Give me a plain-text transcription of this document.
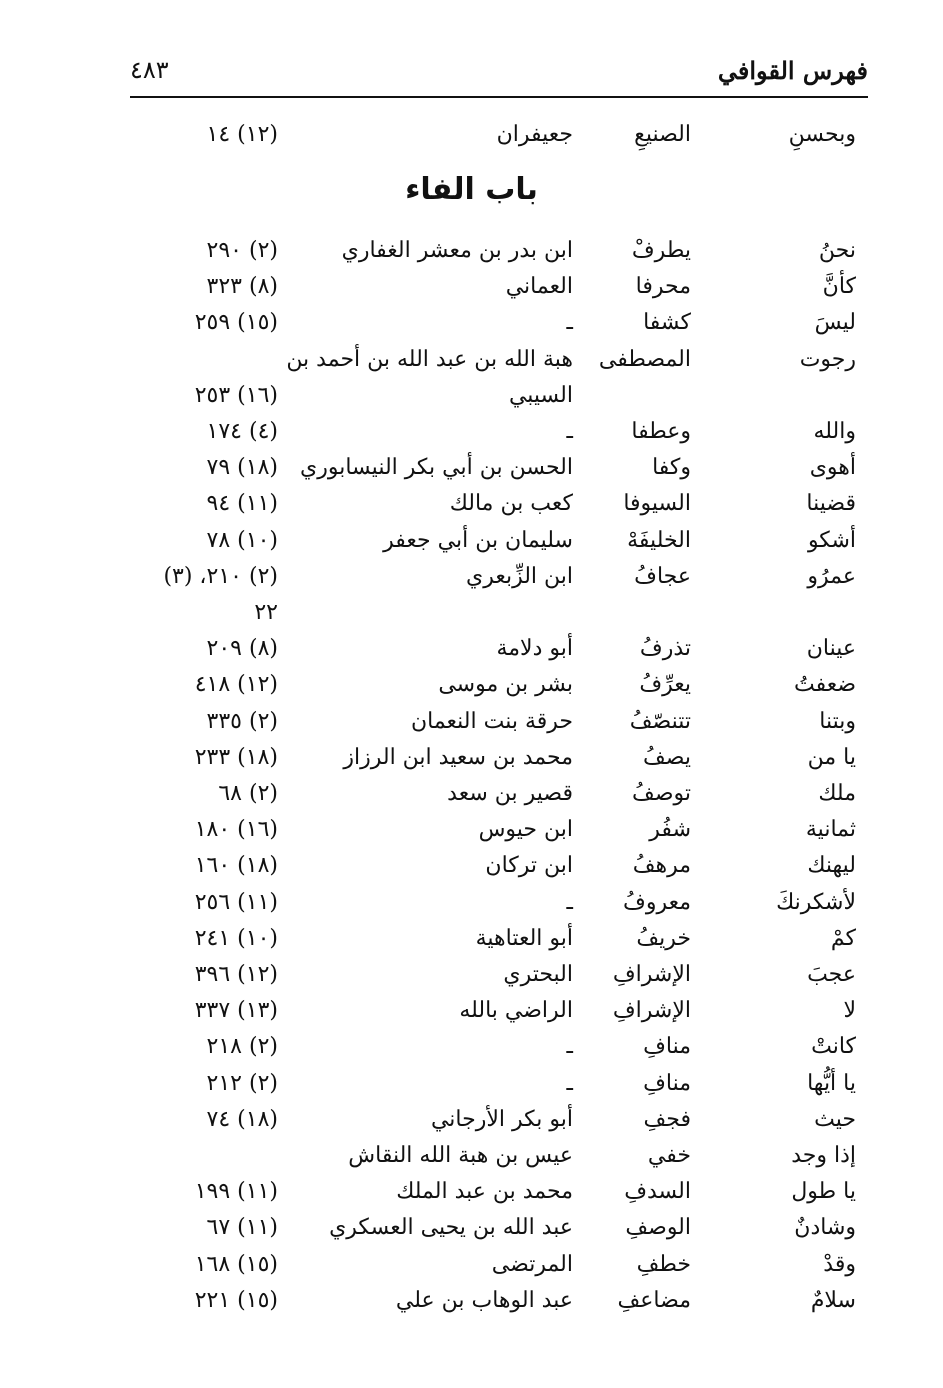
فهرس القوافي
٤٨٣
وبحسنِ
الصنيعِ
جعيفران
(١٢) ١٤
باب الفاء
نحنُ
يطرفْ
ابن بدر بن معشر الغفاري
(٢) ٢٩٠
كأنَّ
محرفا
العماني
(٨) ٣٢٣
ليسَ
كشفا
ـ
(١٥) ٢٥٩
رجوت
المصطفى
هبة الله بن عبد الله بن أحمد بن
السيبي
(١٦) ٢٥٣
والله
وعطفا
ـ
(٤) ١٧٤
أهوى
وكفا
الحسن بن أبي بكر النيسابوري
(١٨) ٧٩
قضينا
السيوفا
كعب بن مالك
(١١) ٩٤
أشكو
الخليفَهْ
سليمان بن أبي جعفر
(١٠) ٧٨
عمرُو
عجافُ
ابن الزِّبعري
(٢) ٢١٠، (٣)
٢٢
عينان
تذرفُ
أبو دلامة
(٨) ٢٠٩
ضعفتُ
يعرِّفُ
بشر بن موسى
(١٢) ٤١٨
وبتنا
تتنصّفُ
حرقة بنت النعمان
(٢) ٣٣٥
يا من
يصفُ
محمد بن سعيد ابن الرزاز
(١٨) ٢٣٣
ملك
توصفُ
قصير بن سعد
(٢) ٦٨
ثمانية
شفُر
ابن حيوس
(١٦) ١٨٠
ليهنك
مرهفُ
ابن تركان
(١٨) ١٦٠
لأشكرنكَ
معروفُ
ـ
(١١) ٢٥٦
كمْ
خريفُ
أبو العتاهية
(١٠) ٢٤١
عجبَ
الإشرافِ
البحتري
(١٢) ٣٩٦
لا
الإشرافِ
الراضي بالله
(١٣) ٣٣٧
كانتْ
منافِ
ـ
(٢) ٢١٨
يا أيُّها
منافِ
ـ
(٢) ٢١٢
حيث
فجفِ
أبو بكر الأرجاني
(١٨) ٧٤
إذا وجد
خفي
عيس بن هبة الله النقاش
يا طول
السدفِ
محمد بن عبد الملك
(١١) ١٩٩
وشادنٌ
الوصفِ
عبد الله بن يحيى العسكري
(١١) ٦٧
وقدْ
خطفِ
المرتضى
(١٥) ١٦٨
سلامٌ
مضاعفِ
عبد الوهاب بن علي
(١٥) ٢٢١
